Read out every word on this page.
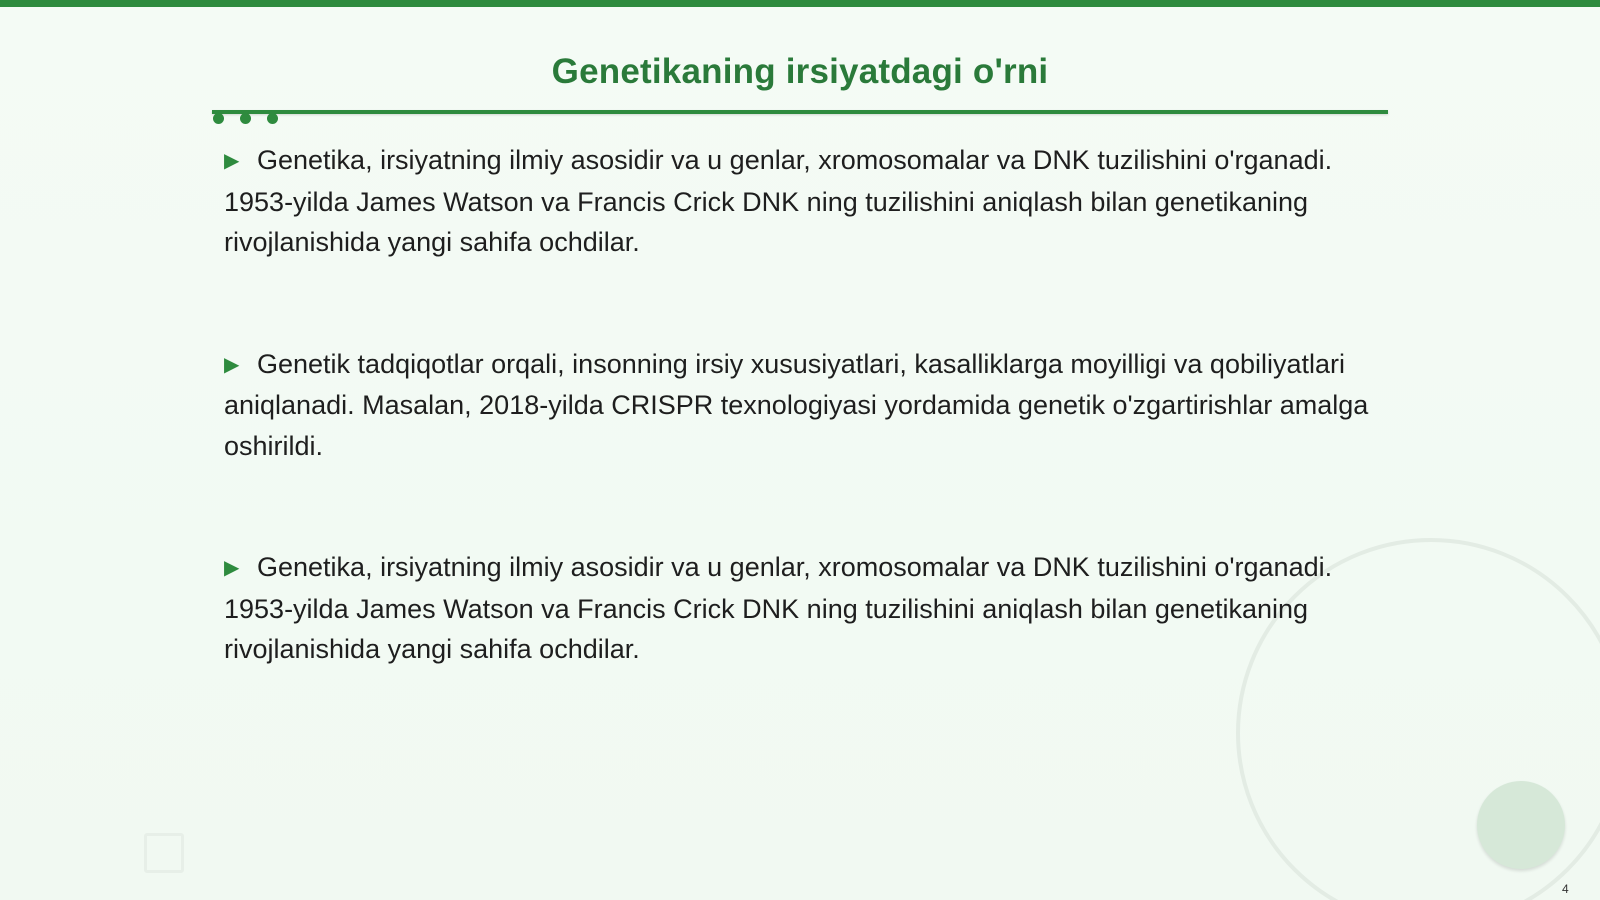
Genetikaning irsiyatdagi o'rni
▶ Genetika, irsiyatning ilmiy asosidir va u genlar, xromosomalar va DNK tuzilishini o'rganadi. 1953-yilda James Watson va Francis Crick DNK ning tuzilishini aniqlash bilan genetikaning rivojlanishida yangi sahifa ochdilar.
▶ Genetik tadqiqotlar orqali, insonning irsiy xususiyatlari, kasalliklarga moyilligi va qobiliyatlari aniqlanadi. Masalan, 2018-yilda CRISPR texnologiyasi yordamida genetik o'zgartirishlar amalga oshirildi.
▶ Genetika, irsiyatning ilmiy asosidir va u genlar, xromosomalar va DNK tuzilishini o'rganadi. 1953-yilda James Watson va Francis Crick DNK ning tuzilishini aniqlash bilan genetikaning rivojlanishida yangi sahifa ochdilar.
4
